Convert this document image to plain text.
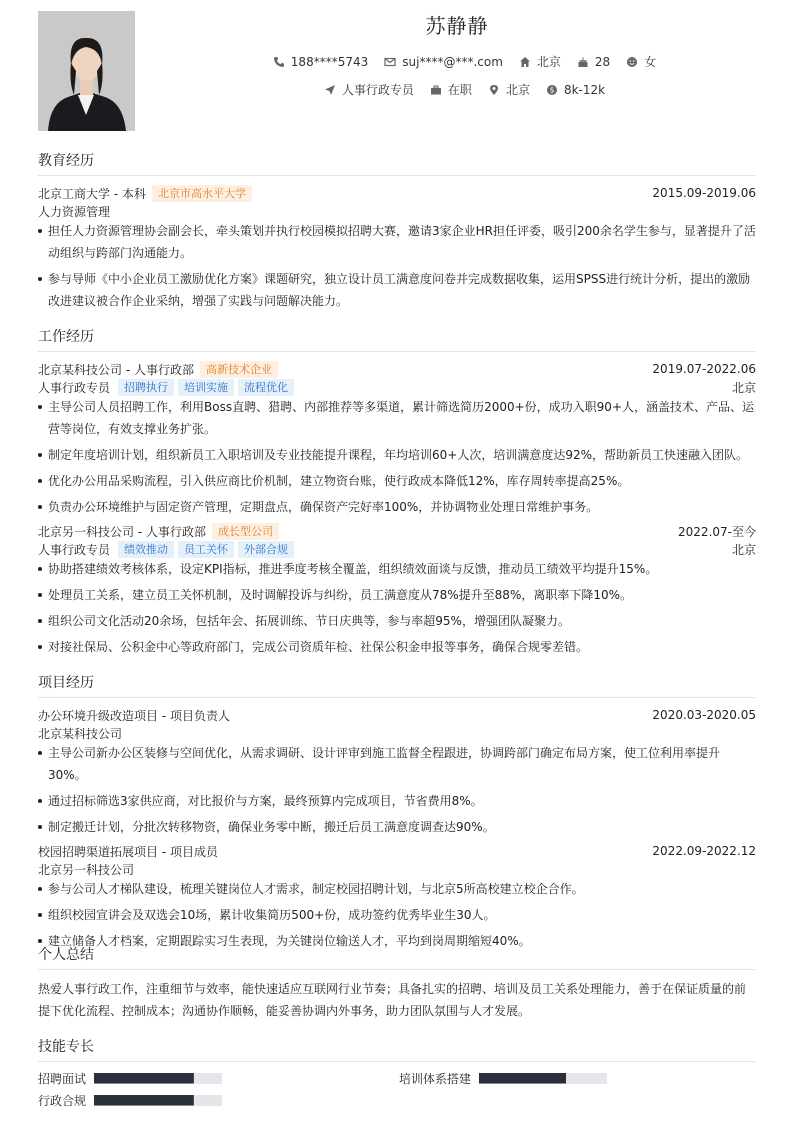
苏静静
188****5743	suj****@***.com	北京	28	女
人事行政专员	在职	北京	$ 8k-12k
教育经历
北京工商大学 - 本科	北京市高水平大学	2015.09-2019.06
人力资源管理
担任人力资源管理协会副会长，牵头策划并执行校园模拟招聘大赛，邀请3家企业HR担任评委，吸引200余名学生参与，显著提升了活动组织与跨部门沟通能力。
参与导师《中小企业员工激励优化方案》课题研究，独立设计员工满意度问卷并完成数据收集，运用SPSS进行统计分析，提出的激励改进建议被合作企业采纳，增强了实践与问题解决能力。
工作经历
北京某科技公司 - 人事行政部	高新技术企业	2019.07-2022.06
人事行政专员	招聘执行	培训实施	流程优化	北京
主导公司人员招聘工作，利用Boss直聘、猎聘、内部推荐等多渠道，累计筛选简历2000+份，成功入职90+人，涵盖技术、产品、运营等岗位，有效支撑业务扩张。
制定年度培训计划，组织新员工入职培训及专业技能提升课程，年均培训60+人次，培训满意度达92%，帮助新员工快速融入团队。
优化办公用品采购流程，引入供应商比价机制，建立物资台账，使行政成本降低12%，库存周转率提高25%。
负责办公环境维护与固定资产管理，定期盘点，确保资产完好率100%，并协调物业处理日常维护事务。
北京另一科技公司 - 人事行政部	成长型公司	2022.07-至今
人事行政专员	绩效推动	员工关怀	外部合规	北京
协助搭建绩效考核体系，设定KPI指标，推进季度考核全覆盖，组织绩效面谈与反馈，推动员工绩效平均提升15%。
处理员工关系，建立员工关怀机制，及时调解投诉与纠纷，员工满意度从78%提升至88%，离职率下降10%。
组织公司文化活动20余场，包括年会、拓展训练、节日庆典等，参与率超95%，增强团队凝聚力。
对接社保局、公积金中心等政府部门，完成公司资质年检、社保公积金申报等事务，确保合规零差错。
项目经历
办公环境升级改造项目 - 项目负责人	2020.03-2020.05
北京某科技公司
主导公司新办公区装修与空间优化，从需求调研、设计评审到施工监督全程跟进，协调跨部门确定布局方案，使工位利用率提升30%。
通过招标筛选3家供应商，对比报价与方案，最终预算内完成项目，节省费用8%。
制定搬迁计划，分批次转移物资，确保业务零中断，搬迁后员工满意度调查达90%。
校园招聘渠道拓展项目 - 项目成员	2022.09-2022.12
北京另一科技公司
参与公司人才梯队建设，梳理关键岗位人才需求，制定校园招聘计划，与北京5所高校建立校企合作。
组织校园宣讲会及双选会10场，累计收集简历500+份，成功签约优秀毕业生30人。
建立储备人才档案，定期跟踪实习生表现，为关键岗位输送人才，平均到岗周期缩短40%。
个人总结
热爱人事行政工作，注重细节与效率，能快速适应互联网行业节奏；具备扎实的招聘、培训及员工关系处理能力，善于在保证质量的前提下优化流程、控制成本；沟通协作顺畅，能妥善协调内外事务，助力团队氛围与人才发展。
技能专长
招聘面试	培训体系搭建
行政合规
